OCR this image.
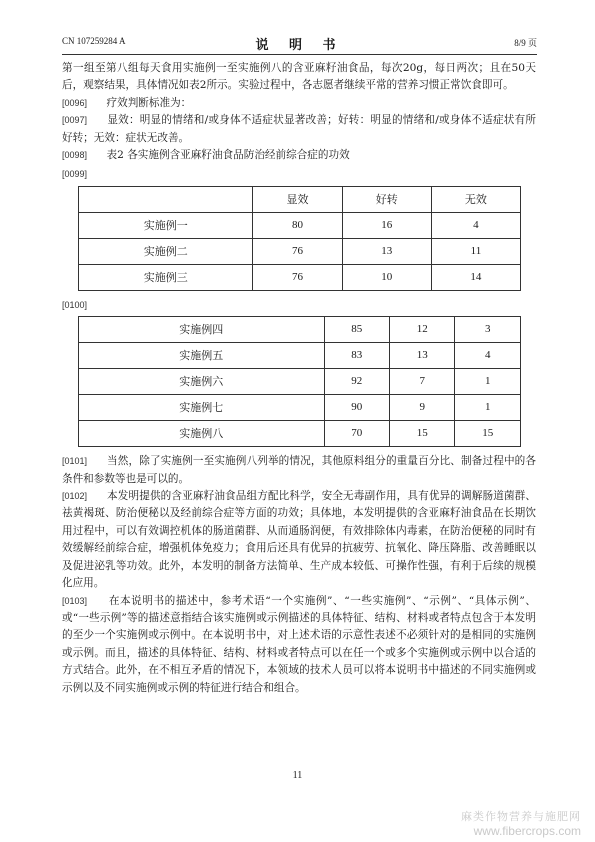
CN 107259284 A	说 明 书	8/9 页

第一组至第八组每天食用实施例一至实施例八的含亚麻籽油食品，每次20g，每日两次；且在50天后，观察结果，具体情况如表2所示。实验过程中，各志愿者继续平常的营养习惯正常饮食即可。

[0096] 疗效判断标准为：

[0097] 显效：明显的情绪和/或身体不适症状显著改善；好转：明显的情绪和/或身体不适症状有所好转；无效：症状无改善。

[0098] 表2 各实施例含亚麻籽油食品防治经前综合症的功效

[0099]
	显效	好转	无效
实施例一	80	16	4
实施例二	76	13	11
实施例三	76	10	14
[0100]
实施例四	85	12	3
实施例五	83	13	4
实施例六	92	7	1
实施例七	90	9	1
实施例八	70	15	15

[0101] 当然，除了实施例一至实施例八列举的情况，其他原料组分的重量百分比、制备过程中的各条件和参数等也是可以的。

[0102] 本发明提供的含亚麻籽油食品组方配比科学，安全无毒副作用，具有优异的调解肠道菌群、祛黄褐斑、防治便秘以及经前综合症等方面的功效；具体地，本发明提供的含亚麻籽油食品在长期饮用过程中，可以有效调控机体的肠道菌群、从而通肠润便，有效排除体内毒素，在防治便秘的同时有效缓解经前综合症，增强机体免疫力；食用后还具有优异的抗疲劳、抗氧化、降压降脂、改善睡眠以及促进泌乳等功效。此外，本发明的制备方法简单、生产成本较低、可操作性强，有利于后续的规模化应用。

[0103] 在本说明书的描述中，参考术语“一个实施例”、“一些实施例”、“示例”、“具体示例”、或“一些示例”等的描述意指结合该实施例或示例描述的具体特征、结构、材料或者特点包含于本发明的至少一个实施例或示例中。在本说明书中，对上述术语的示意性表述不必须针对的是相同的实施例或示例。而且，描述的具体特征、结构、材料或者特点可以在任一个或多个实施例或示例中以合适的方式结合。此外，在不相互矛盾的情况下，本领域的技术人员可以将本说明书中描述的不同实施例或示例以及不同实施例或示例的特征进行结合和组合。

11
麻类作物营养与施肥网
www.fibercrops.com
